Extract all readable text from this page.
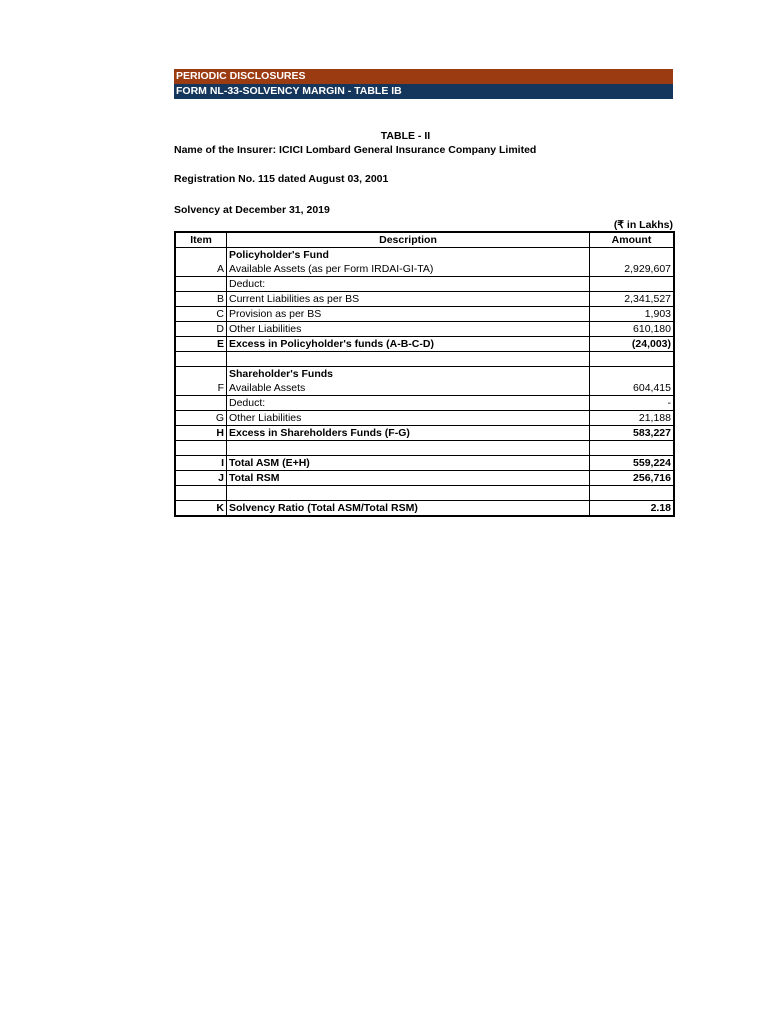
PERIODIC DISCLOSURES
FORM NL-33-SOLVENCY MARGIN - TABLE IB
TABLE - II
Name of the Insurer: ICICI Lombard General Insurance Company Limited
Registration No. 115 dated August 03, 2001
Solvency at December 31, 2019
(₹ in Lakhs)
Item	Description	Amount
	Policyholder's Fund	
A	Available Assets (as per Form IRDAI-GI-TA)	2,929,607
	Deduct:	
B	Current Liabilities as per BS	2,341,527
C	Provision as per BS	1,903
D	Other Liabilities	610,180
E	Excess in Policyholder's funds (A-B-C-D)	(24,003)

	Shareholder's Funds	
F	Available Assets	604,415
	Deduct:	-
G	Other Liabilities	21,188
H	Excess in Shareholders Funds (F-G)	583,227

I	Total ASM (E+H)	559,224
J	Total RSM	256,716

K	Solvency Ratio (Total ASM/Total RSM)	2.18
